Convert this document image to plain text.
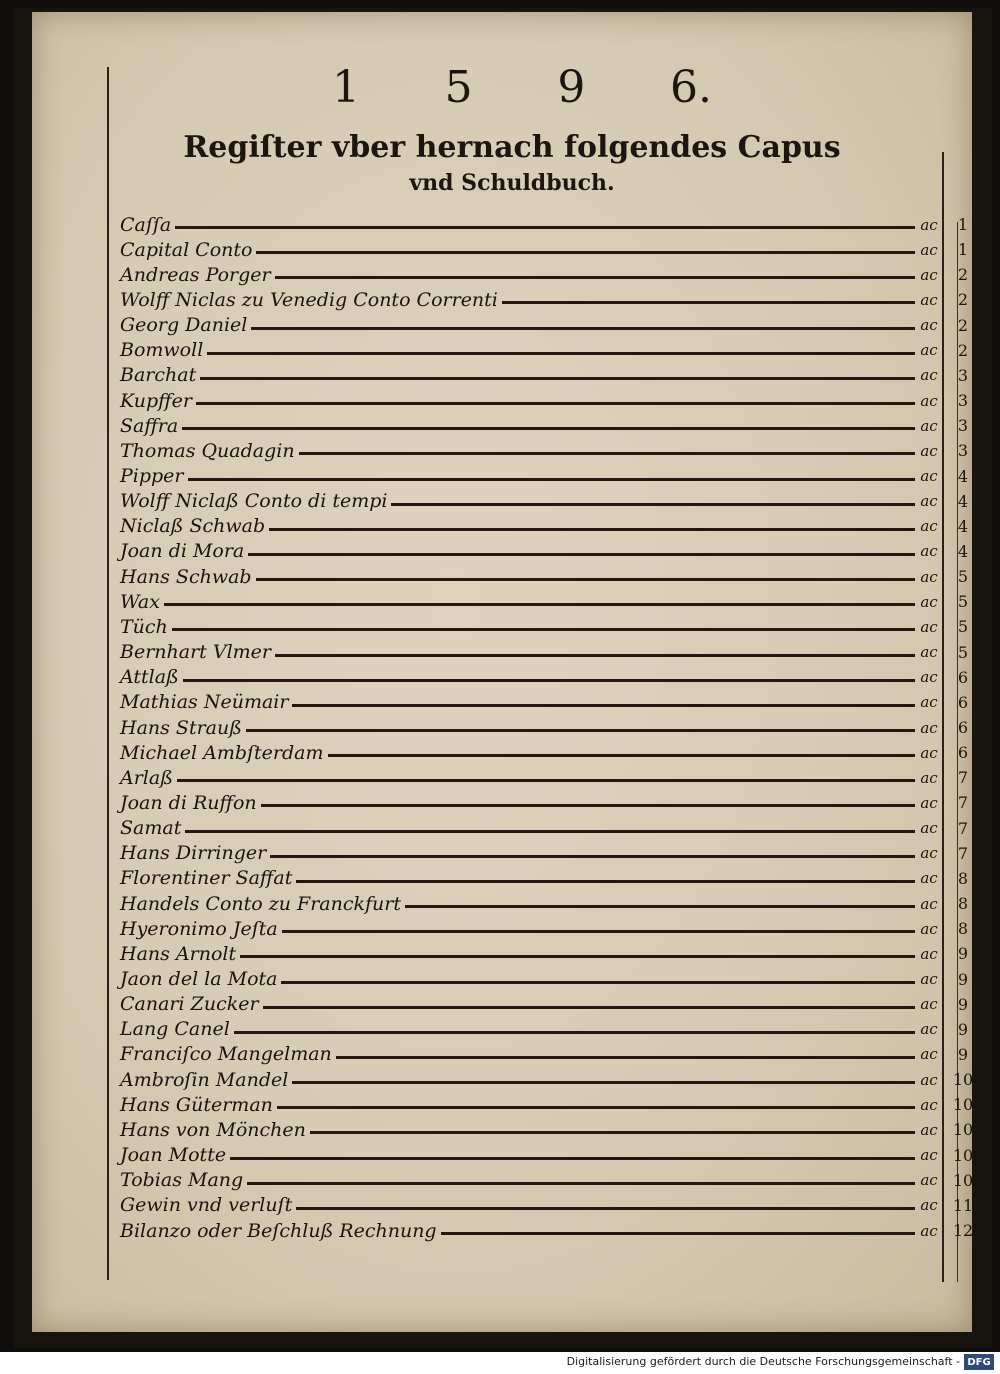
1 5 9 6.
Regiſter vber hernach folgendes Capus
vnd Schuldbuch.
Caſſa	ac	1
Capital Conto	ac	1
Andreas Porger	ac	2
Wolff Niclas zu Venedig Conto Correnti	ac	2
Georg Daniel	ac	2
Bomwoll	ac	2
Barchat	ac	3
Kupffer	ac	3
Saffra	ac	3
Thomas Quadagin	ac	3
Pipper	ac	4
Wolff Niclaß Conto di tempi	ac	4
Niclaß Schwab	ac	4
Joan di Mora	ac	4
Hans Schwab	ac	5
Wax	ac	5
Tüch	ac	5
Bernhart Vlmer	ac	5
Attlaß	ac	6
Mathias Neümair	ac	6
Hans Strauß	ac	6
Michael Ambſterdam	ac	6
Arlaß	ac	7
Joan di Ruffon	ac	7
Samat	ac	7
Hans Dirringer	ac	7
Florentiner Saffat	ac	8
Handels Conto zu Franckfurt	ac	8
Hyeronimo Jeſta	ac	8
Hans Arnolt	ac	9
Jaon del la Mota	ac	9
Canari Zucker	ac	9
Lang Canel	ac	9
Franciſco Mangelman	ac	9
Ambroſin Mandel	ac 10
Hans Güterman	ac 10
Hans von Mönchen	ac 10
Joan Motte	ac 10
Tobias Mang	ac 10
Gewin vnd verluſt	ac 11
Bilanzo oder Beſchluß Rechnung	ac 12
Digitalisierung gefördert durch die Deutsche Forschungsgemeinschaft - DFG
